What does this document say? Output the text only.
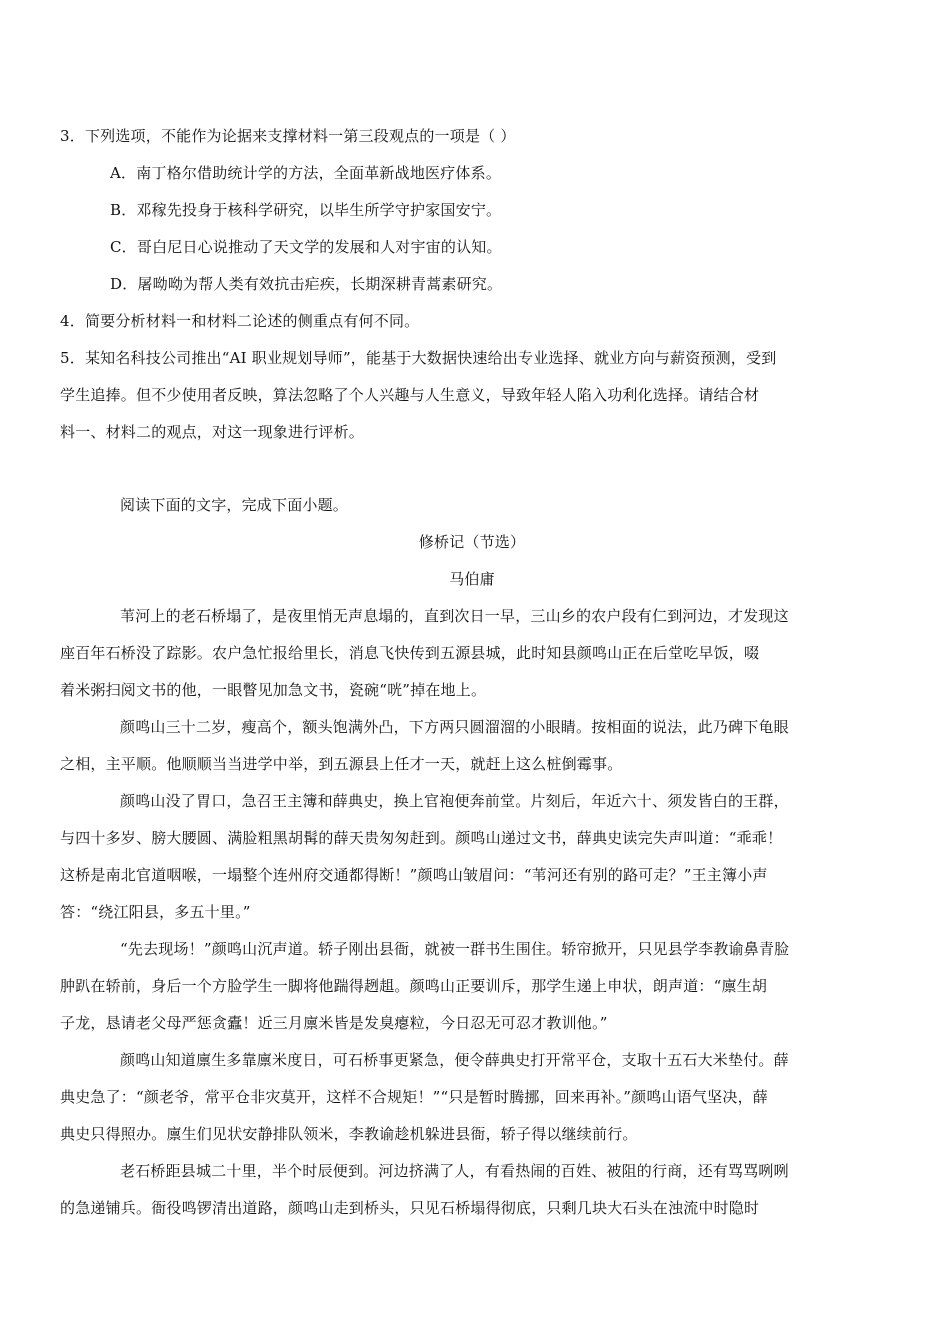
3．下列选项，不能作为论据来支撑材料一第三段观点的一项是（ ）
A．南丁格尔借助统计学的方法，全面革新战地医疗体系。
B．邓稼先投身于核科学研究，以毕生所学守护家国安宁。
C．哥白尼日心说推动了天文学的发展和人对宇宙的认知。
D．屠呦呦为帮人类有效抗击疟疾，长期深耕青蒿素研究。
4．简要分析材料一和材料二论述的侧重点有何不同。
5．某知名科技公司推出“AI 职业规划导师”，能基于大数据快速给出专业选择、就业方向与薪资预测，受到
学生追捧。但不少使用者反映，算法忽略了个人兴趣与人生意义，导致年轻人陷入功利化选择。请结合材
料一、材料二的观点，对这一现象进行评析。
阅读下面的文字，完成下面小题。
修桥记（节选）
马伯庸
苇河上的老石桥塌了，是夜里悄无声息塌的，直到次日一早，三山乡的农户段有仁到河边，才发现这
座百年石桥没了踪影。农户急忙报给里长，消息飞快传到五源县城，此时知县颜鸣山正在后堂吃早饭，啜
着米粥扫阅文书的他，一眼瞥见加急文书，瓷碗“咣”掉在地上。
颜鸣山三十二岁，瘦高个，额头饱满外凸，下方两只圆溜溜的小眼睛。按相面的说法，此乃碑下龟眼
之相，主平顺。他顺顺当当进学中举，到五源县上任才一天，就赶上这么桩倒霉事。
颜鸣山没了胃口，急召王主簿和薛典史，换上官袍便奔前堂。片刻后，年近六十、须发皆白的王群，
与四十多岁、膀大腰圆、满脸粗黑胡髯的薛天贵匆匆赶到。颜鸣山递过文书，薛典史读完失声叫道：“乖乖！
这桥是南北官道咽喉，一塌整个连州府交通都得断！”颜鸣山皱眉问：“苇河还有别的路可走？”王主簿小声
答：“绕江阳县，多五十里。”
“先去现场！”颜鸣山沉声道。轿子刚出县衙，就被一群书生围住。轿帘掀开，只见县学李教谕鼻青脸
肿趴在轿前，身后一个方脸学生一脚将他踹得趔趄。颜鸣山正要训斥，那学生递上申状，朗声道：“廪生胡
子龙，恳请老父母严惩贪蠹！近三月廪米皆是发臭瘪粒，今日忍无可忍才教训他。”
颜鸣山知道廪生多靠廪米度日，可石桥事更紧急，便令薛典史打开常平仓，支取十五石大米垫付。薛
典史急了：“颜老爷，常平仓非灾莫开，这样不合规矩！”“只是暂时腾挪，回来再补。”颜鸣山语气坚决，薛
典史只得照办。廪生们见状安静排队领米，李教谕趁机躲进县衙，轿子得以继续前行。
老石桥距县城二十里，半个时辰便到。河边挤满了人，有看热闹的百姓、被阻的行商，还有骂骂咧咧
的急递铺兵。衙役鸣锣清出道路，颜鸣山走到桥头，只见石桥塌得彻底，只剩几块大石头在浊流中时隐时
